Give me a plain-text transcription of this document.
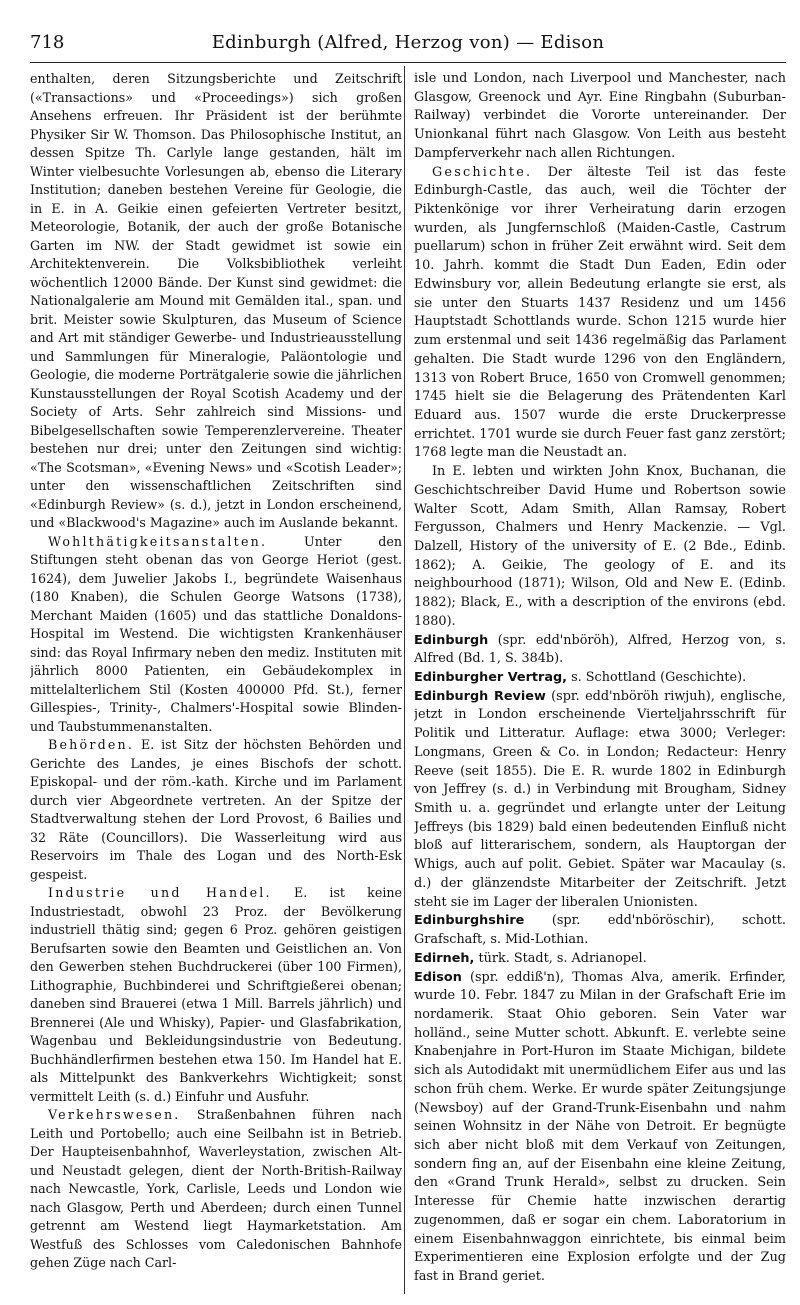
718	Edinburgh (Alfred, Herzog von) — Edison

enthalten, deren Sitzungsberichte und Zeitschrift («Transactions» und «Proceedings») sich großen Ansehens erfreuen. Ihr Präsident ist der berühmte Physiker Sir W. Thomson. Das Philosophische Institut, an dessen Spitze Th. Carlyle lange gestanden, hält im Winter vielbesuchte Vorlesungen ab, ebenso die Literary Institution; daneben bestehen Vereine für Geologie, die in E. in A. Geikie einen gefeierten Vertreter besitzt, Meteorologie, Botanik, der auch der große Botanische Garten im NW. der Stadt gewidmet ist sowie ein Architektenverein. Die Volksbibliothek verleiht wöchentlich 12000 Bände. Der Kunst sind gewidmet: die Nationalgalerie am Mound mit Gemälden ital., span. und brit. Meister sowie Skulpturen, das Museum of Science and Art mit ständiger Gewerbe- und Industrieausstellung und Sammlungen für Mineralogie, Paläontologie und Geologie, die moderne Porträtgalerie sowie die jährlichen Kunstausstellungen der Royal Scotish Academy und der Society of Arts. Sehr zahlreich sind Missions- und Bibelgesellschaften sowie Temperenzlervereine. Theater bestehen nur drei; unter den Zeitungen sind wichtig: «The Scotsman», «Evening News» und «Scotish Leader»; unter den wissenschaftlichen Zeitschriften sind «Edinburgh Review» (s. d.), jetzt in London erscheinend, und «Blackwood's Magazine» auch im Auslande bekannt.

Wohlthätigkeitsanstalten.	Unter den Stiftungen steht obenan das von George Heriot (gest. 1624), dem Juwelier Jakobs I., begründete Waisenhaus (180 Knaben), die Schulen George Watsons (1738), Merchant Maiden (1605) und das stattliche Donaldons-Hospital im Westend. Die wichtigsten Krankenhäuser sind: das Royal Infirmary neben den mediz. Instituten mit jährlich 8000 Patienten, ein Gebäudekomplex in mittelalterlichem Stil (Kosten 400000 Pfd. St.), ferner Gillespies-, Trinity-, Chalmers'-Hospital sowie Blinden- und Taubstummenanstalten.

Behörden. E. ist Sitz der höchsten Behörden und Gerichte des Landes, je eines Bischofs der schott. Episkopal- und der röm.-kath. Kirche und im Parlament durch vier Abgeordnete vertreten. An der Spitze der Stadtverwaltung stehen der Lord Provost, 6 Bailies und 32 Räte (Councillors). Die Wasserleitung wird aus Reservoirs im Thale des Logan und des North-Esk gespeist.

Industrie und Handel. E. ist keine Industriestadt, obwohl 23 Proz. der Bevölkerung industriell thätig sind; gegen 6 Proz. gehören geistigen Berufsarten sowie den Beamten und Geistlichen an. Von den Gewerben stehen Buchdruckerei (über 100 Firmen), Lithographie, Buchbinderei und Schriftgießerei obenan; daneben sind Brauerei (etwa 1 Mill. Barrels jährlich) und Brennerei (Ale und Whisky), Papier- und Glasfabrikation, Wagenbau und Bekleidungsindustrie von Bedeutung. Buchhändlerfirmen bestehen etwa 150. Im Handel hat E. als Mittelpunkt des Bankverkehrs Wichtigkeit; sonst vermittelt Leith (s. d.) Einfuhr und Ausfuhr.

Verkehrswesen. Straßenbahnen führen nach Leith und Portobello; auch eine Seilbahn ist in Betrieb. Der Haupteisenbahnhof, Waverleystation, zwischen Alt- und Neustadt gelegen, dient der North-British-Railway nach Newcastle, York, Carlisle, Leeds und London wie nach Glasgow, Perth und Aberdeen; durch einen Tunnel getrennt am Westend liegt Haymarketstation. Am Westfuß des Schlosses vom Caledonischen Bahnhofe gehen Züge nach Carl-

isle und London, nach Liverpool und Manchester, nach Glasgow, Greenock und Ayr. Eine Ringbahn (Suburban-Railway) verbindet die Vororte untereinander. Der Unionkanal führt nach Glasgow. Von Leith aus besteht Dampferverkehr nach allen Richtungen.

Geschichte. Der älteste Teil ist das feste Edinburgh-Castle, das auch, weil die Töchter der Piktenkönige vor ihrer Verheiratung darin erzogen wurden, als Jungfernschloß (Maiden-Castle, Castrum puellarum) schon in früher Zeit erwähnt wird. Seit dem 10. Jahrh. kommt die Stadt Dun Eaden, Edin oder Edwinsbury vor, allein Bedeutung erlangte sie erst, als sie unter den Stuarts 1437 Residenz und um 1456 Hauptstadt Schottlands wurde. Schon 1215 wurde hier zum erstenmal und seit 1436 regelmäßig das Parlament gehalten. Die Stadt wurde 1296 von den Engländern, 1313 von Robert Bruce, 1650 von Cromwell genommen; 1745 hielt sie die Belagerung des Prätendenten Karl Eduard aus. 1507 wurde die erste Druckerpresse errichtet. 1701 wurde sie durch Feuer fast ganz zerstört; 1768 legte man die Neustadt an.

In E. lebten und wirkten John Knox, Buchanan, die Geschichtschreiber David Hume und Robertson sowie Walter Scott, Adam Smith, Allan Ramsay, Robert Fergusson, Chalmers und Henry Mackenzie. — Vgl. Dalzell, History of the university of E. (2 Bde., Edinb. 1862); A. Geikie, The geology of E. and its neighbourhood (1871); Wilson, Old and New E. (Edinb. 1882); Black, E., with a description of the environs (ebd. 1880).

Edinburgh (spr. edd'nböröh), Alfred, Herzog von, s. Alfred (Bd. 1, S. 384b).

Edinburgher Vertrag, s. Schottland (Geschichte).

Edinburgh Review (spr. edd'nböröh riwjuh), englische, jetzt in London erscheinende Vierteljahrsschrift für Politik und Litteratur. Auflage: etwa 3000; Verleger: Longmans, Green & Co. in London; Redacteur: Henry Reeve (seit 1855). Die E. R. wurde 1802 in Edinburgh von Jeffrey (s. d.) in Verbindung mit Brougham, Sidney Smith u. a. gegründet und erlangte unter der Leitung Jeffreys (bis 1829) bald einen bedeutenden Einfluß nicht bloß auf litterarischem, sondern, als Hauptorgan der Whigs, auch auf polit. Gebiet. Später war Macaulay (s. d.) der glänzendste Mitarbeiter der Zeitschrift. Jetzt steht sie im Lager der liberalen Unionisten.

Edinburghshire (spr. edd'nböröschir), schott. Grafschaft, s. Mid-Lothian.

Edirneh, türk. Stadt, s. Adrianopel.

Edison (spr. eddiß'n), Thomas Alva, amerik. Erfinder, wurde 10. Febr. 1847 zu Milan in der Grafschaft Erie im nordamerik. Staat Ohio geboren. Sein Vater war holländ., seine Mutter schott. Abkunft. E. verlebte seine Knabenjahre in Port-Huron im Staate Michigan, bildete sich als Autodidakt mit unermüdlichem Eifer aus und las schon früh chem. Werke. Er wurde später Zeitungsjunge (Newsboy) auf der Grand-Trunk-Eisenbahn und nahm seinen Wohnsitz in der Nähe von Detroit. Er begnügte sich aber nicht bloß mit dem Verkauf von Zeitungen, sondern fing an, auf der Eisenbahn eine kleine Zeitung, den «Grand Trunk Herald», selbst zu drucken. Sein Interesse für Chemie hatte inzwischen derartig zugenommen, daß er sogar ein chem. Laboratorium in einem Eisenbahnwaggon einrichtete, bis einmal beim Experimentieren eine Explosion erfolgte und der Zug fast in Brand geriet.
